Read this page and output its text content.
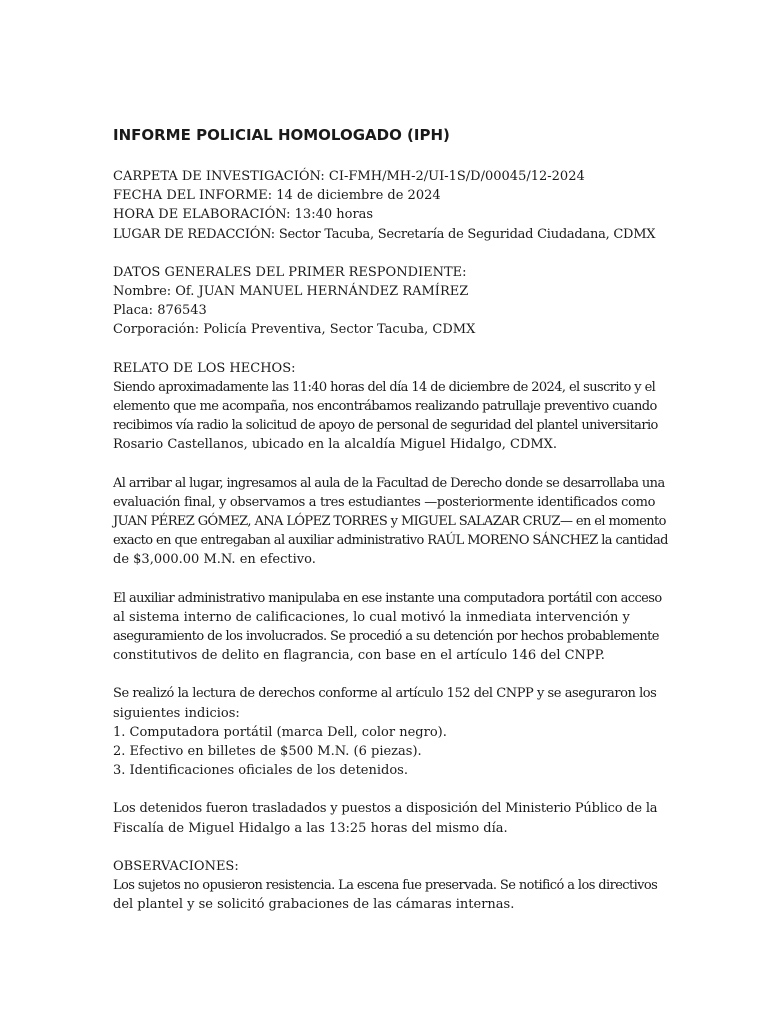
INFORME POLICIAL HOMOLOGADO (IPH)
CARPETA DE INVESTIGACIÓN: CI-FMH/MH-2/UI-1S/D/00045/12-2024
FECHA DEL INFORME: 14 de diciembre de 2024
HORA DE ELABORACIÓN: 13:40 horas
LUGAR DE REDACCIÓN: Sector Tacuba, Secretaría de Seguridad Ciudadana, CDMX
DATOS GENERALES DEL PRIMER RESPONDIENTE:
Nombre: Of. JUAN MANUEL HERNÁNDEZ RAMÍREZ
Placa: 876543
Corporación: Policía Preventiva, Sector Tacuba, CDMX
RELATO DE LOS HECHOS:
Siendo aproximadamente las 11:40 horas del día 14 de diciembre de 2024, el suscrito y el
elemento que me acompaña, nos encontrábamos realizando patrullaje preventivo cuando
recibimos vía radio la solicitud de apoyo de personal de seguridad del plantel universitario
Rosario Castellanos, ubicado en la alcaldía Miguel Hidalgo, CDMX.
Al arribar al lugar, ingresamos al aula de la Facultad de Derecho donde se desarrollaba una
evaluación final, y observamos a tres estudiantes —posteriormente identificados como
JUAN PÉREZ GÓMEZ, ANA LÓPEZ TORRES y MIGUEL SALAZAR CRUZ— en el momento
exacto en que entregaban al auxiliar administrativo RAÚL MORENO SÁNCHEZ la cantidad
de $3,000.00 M.N. en efectivo.
El auxiliar administrativo manipulaba en ese instante una computadora portátil con acceso
al sistema interno de calificaciones, lo cual motivó la inmediata intervención y
aseguramiento de los involucrados. Se procedió a su detención por hechos probablemente
constitutivos de delito en flagrancia, con base en el artículo 146 del CNPP.
Se realizó la lectura de derechos conforme al artículo 152 del CNPP y se aseguraron los
siguientes indicios:
1. Computadora portátil (marca Dell, color negro).
2. Efectivo en billetes de $500 M.N. (6 piezas).
3. Identificaciones oficiales de los detenidos.
Los detenidos fueron trasladados y puestos a disposición del Ministerio Público de la
Fiscalía de Miguel Hidalgo a las 13:25 horas del mismo día.
OBSERVACIONES:
Los sujetos no opusieron resistencia. La escena fue preservada. Se notificó a los directivos
del plantel y se solicitó grabaciones de las cámaras internas.
